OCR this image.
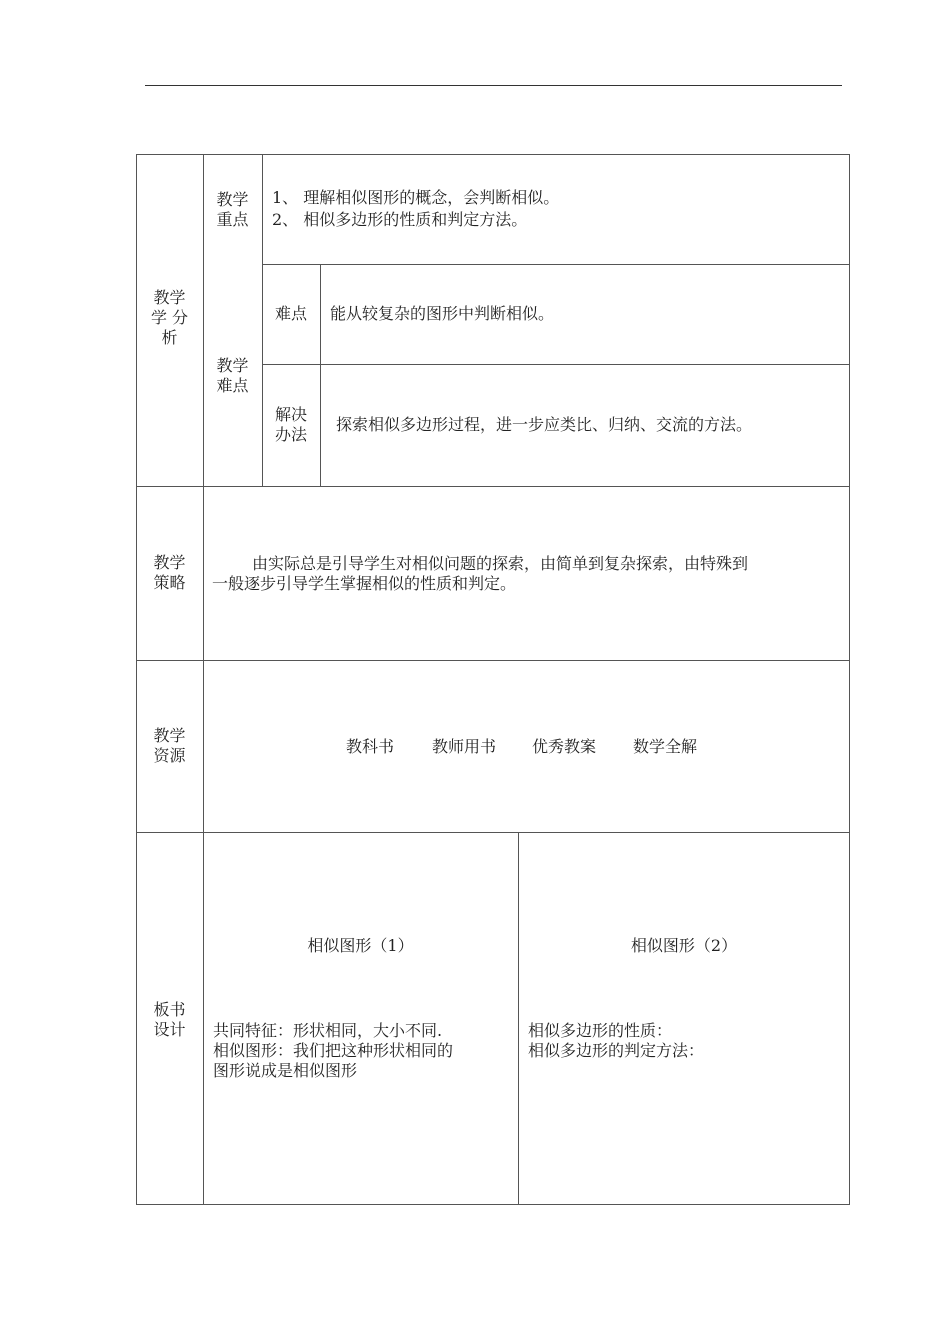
教学
学 分
析
教学
重点
1、 理解相似图形的概念，会判断相似。
2、 相似多边形的性质和判定方法。
教学
难点
难点	能从较复杂的图形中判断相似。
解决
办法
探索相似多边形过程，进一步应类比、归纳、交流的方法。
教学
策略
由实际总是引导学生对相似问题的探索，由简单到复杂探索，由特殊到
一般逐步引导学生掌握相似的性质和判定。
教学
资源	教科书 教师用书 优秀教案 数学全解
板书
设计
相似图形（1）
共同特征：形状相同，大小不同.
相似图形：我们把这种形状相同的
图形说成是相似图形
相似图形（2）
相似多边形的性质：
相似多边形的判定方法：
